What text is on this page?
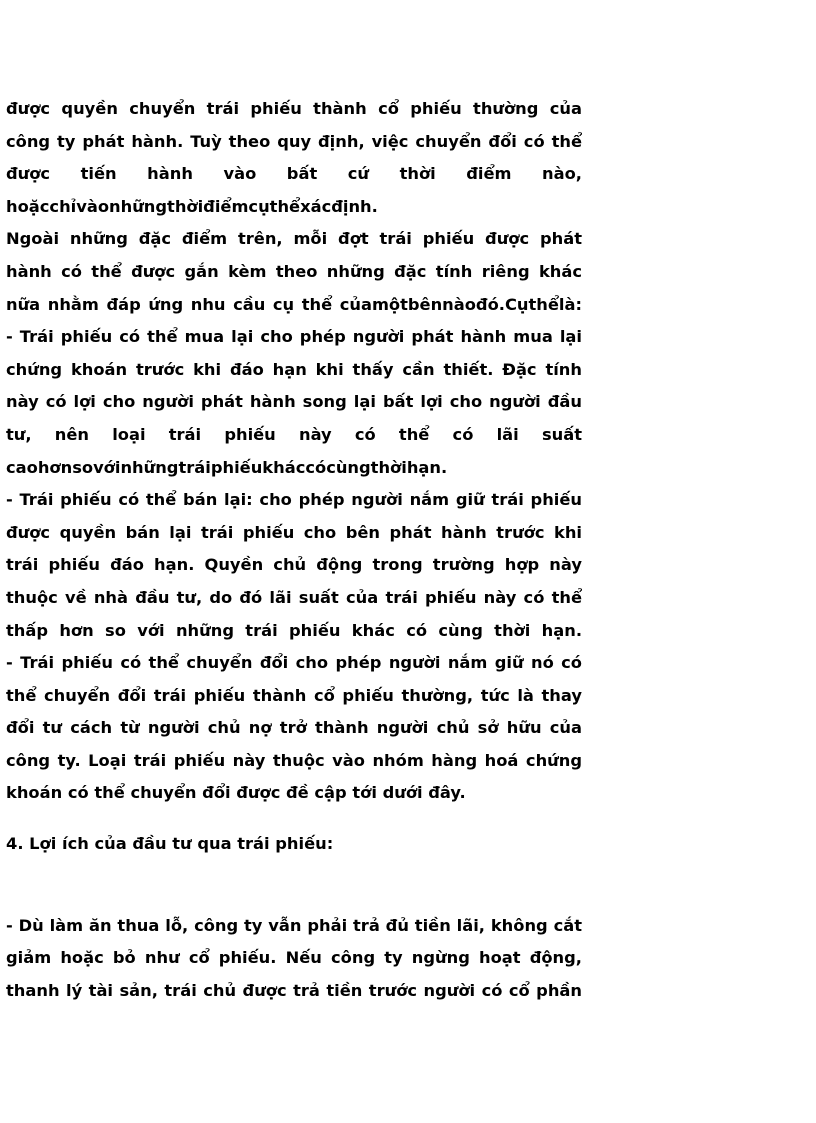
được quyền chuyển trái phiếu thành cổ phiếu thường của
công ty phát hành. Tuỳ theo quy định, việc chuyển đổi có thể
được tiến hành vào bất cứ thời điểm nào,
hoặcchỉvàonhữngthờiđiểmcụthểxácđịnh.
Ngoài những đặc điểm trên, mỗi đợt trái phiếu được phát
hành có thể được gắn kèm theo những đặc tính riêng khác
nữa nhằm đáp ứng nhu cầu cụ thể củamộtbênnàođó.Cụthểlà:
- Trái phiếu có thể mua lại cho phép người phát hành mua lại
chứng khoán trước khi đáo hạn khi thấy cần thiết. Đặc tính
này có lợi cho người phát hành song lại bất lợi cho người đầu
tư, nên loại trái phiếu này có thể có lãi suất
caohơnsovớinhữngtráiphiếukháccócùngthờihạn.
- Trái phiếu có thể bán lại: cho phép người nắm giữ trái phiếu
được quyền bán lại trái phiếu cho bên phát hành trước khi
trái phiếu đáo hạn. Quyền chủ động trong trường hợp này
thuộc về nhà đầu tư, do đó lãi suất của trái phiếu này có thể
thấp hơn so với những trái phiếu khác có cùng thời hạn.
- Trái phiếu có thể chuyển đổi cho phép người nắm giữ nó có
thể chuyển đổi trái phiếu thành cổ phiếu thường, tức là thay
đổi tư cách từ người chủ nợ trở thành người chủ sở hữu của
công ty. Loại trái phiếu này thuộc vào nhóm hàng hoá chứng
khoán có thể chuyển đổi được đề cập tới dưới đây.
4. Lợi ích của đầu tư qua trái phiếu:
- Dù làm ăn thua lỗ, công ty vẫn phải trả đủ tiền lãi, không cắt
giảm hoặc bỏ như cổ phiếu. Nếu công ty ngừng hoạt động,
thanh lý tài sản, trái chủ được trả tiền trước người có cổ phần
